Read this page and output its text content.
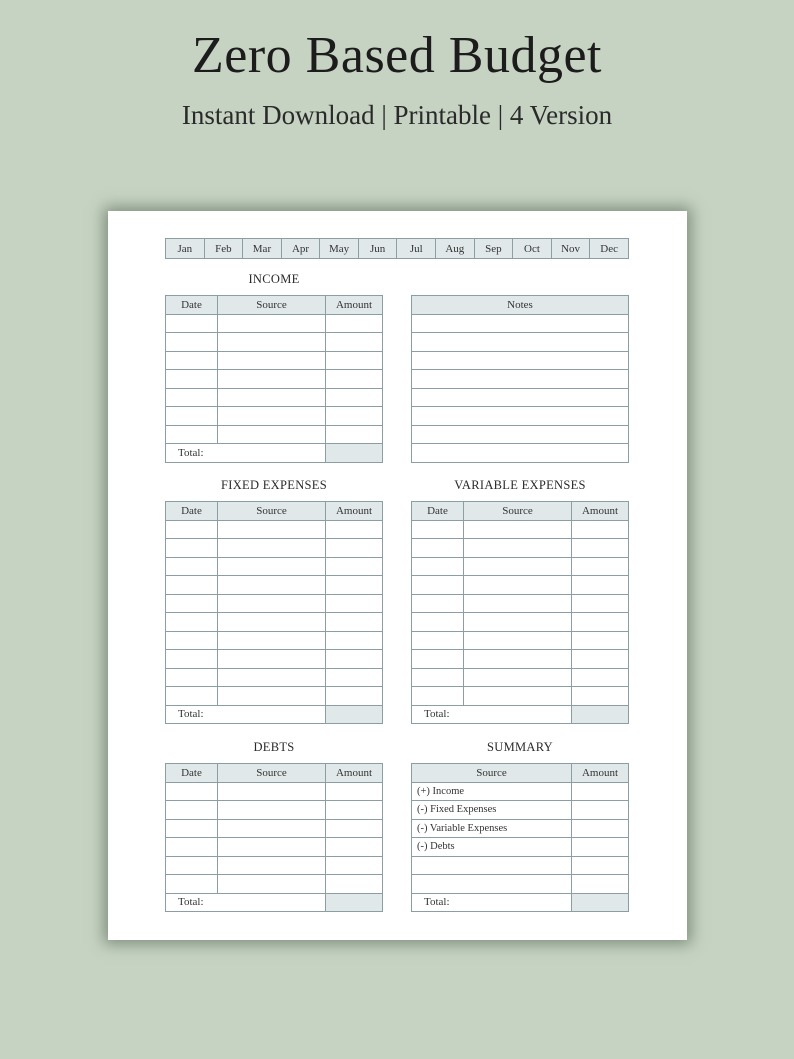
Zero Based Budget
Instant Download | Printable | 4 Version
Jan	Feb	Mar	Apr	May	Jun	Jul	Aug	Sep	Oct	Nov	Dec
INCOME
Date	Source	Amount

Total:		
Notes

FIXED EXPENSES
Date	Source	Amount

Total:		
VARIABLE EXPENSES
Date	Source	Amount

Total:		
DEBTS
Date	Source	Amount

Total:		
SUMMARY
Source	Amount
(+) Income	
(-) Fixed Expenses	
(-) Variable Expenses	
(-) Debts	

Total:	
